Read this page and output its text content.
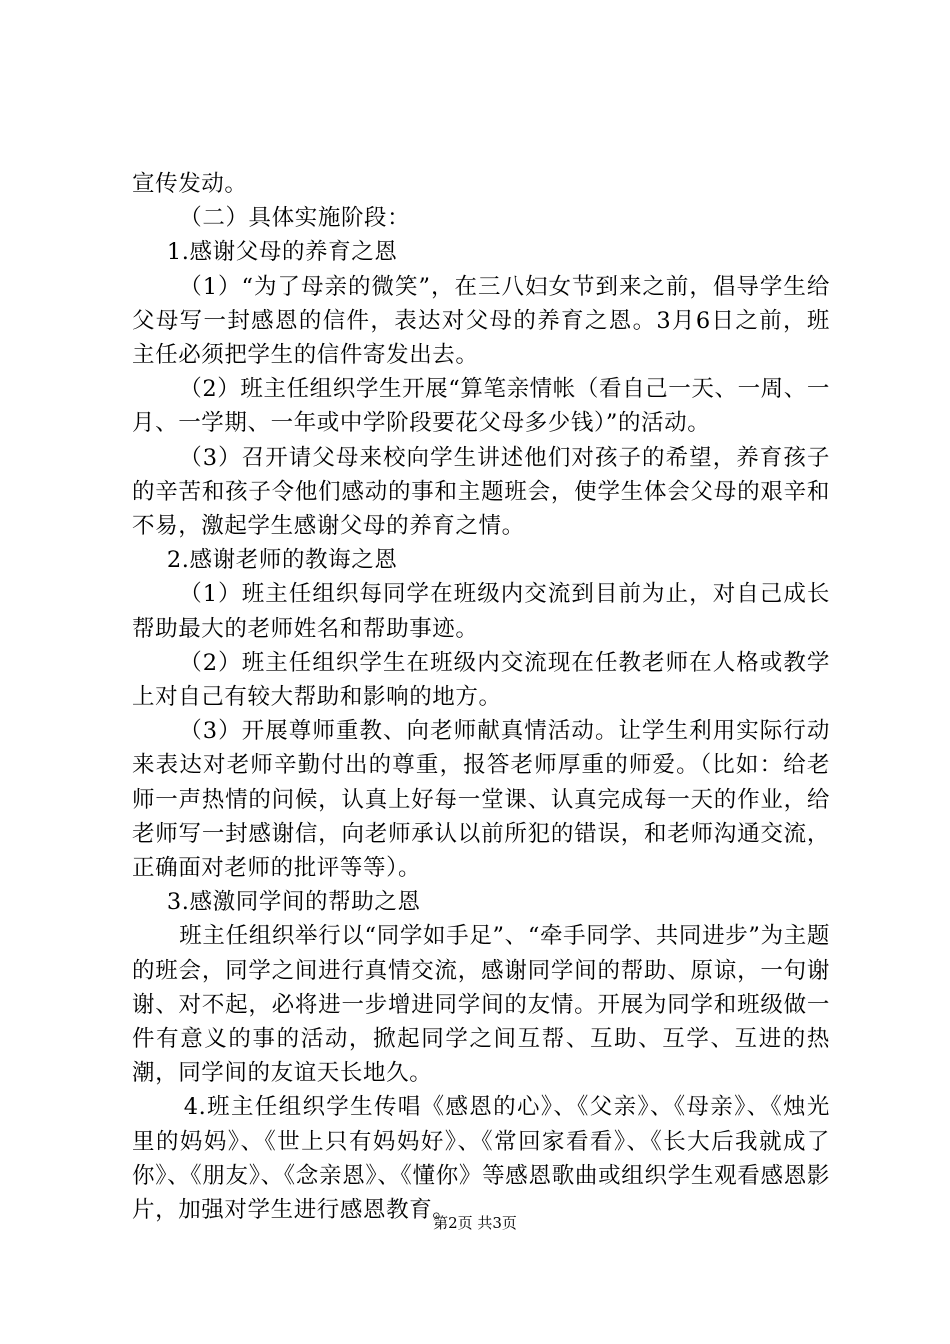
宣传发动。

（二）具体实施阶段：

1.感谢父母的养育之恩

（1）“为了母亲的微笑”，在三八妇女节到来之前，倡导学生给父母写一封感恩的信件，表达对父母的养育之恩。3月6日之前，班主任必须把学生的信件寄发出去。

（2）班主任组织学生开展“算笔亲情帐（看自己一天、一周、一月、一学期、一年或中学阶段要花父母多少钱）”的活动。

（3）召开请父母来校向学生讲述他们对孩子的希望，养育孩子的辛苦和孩子令他们感动的事和主题班会，使学生体会父母的艰辛和不易，激起学生感谢父母的养育之情。

2.感谢老师的教诲之恩

（1）班主任组织每同学在班级内交流到目前为止，对自己成长帮助最大的老师姓名和帮助事迹。

（2）班主任组织学生在班级内交流现在任教老师在人格或教学上对自己有较大帮助和影响的地方。

（3）开展尊师重教、向老师献真情活动。让学生利用实际行动来表达对老师辛勤付出的尊重，报答老师厚重的师爱。（比如：给老师一声热情的问候，认真上好每一堂课、认真完成每一天的作业，给老师写一封感谢信，向老师承认以前所犯的错误，和老师沟通交流，正确面对老师的批评等等）。

3.感激同学间的帮助之恩

班主任组织举行以“同学如手足”、“牵手同学、共同进步”为主题的班会，同学之间进行真情交流，感谢同学间的帮助、原谅，一句谢谢、对不起，必将进一步增进同学间的友情。开展为同学和班级做一件有意义的事的活动，掀起同学之间互帮、互助、互学、互进的热潮，同学间的友谊天长地久。

4.班主任组织学生传唱《感恩的心》、《父亲》、《母亲》、《烛光里的妈妈》、《世上只有妈妈好》、《常回家看看》、《长大后我就成了你》、《朋友》、《念亲恩》、《懂你》等感恩歌曲或组织学生观看感恩影片，加强对学生进行感恩教育。

第2页 共3页
